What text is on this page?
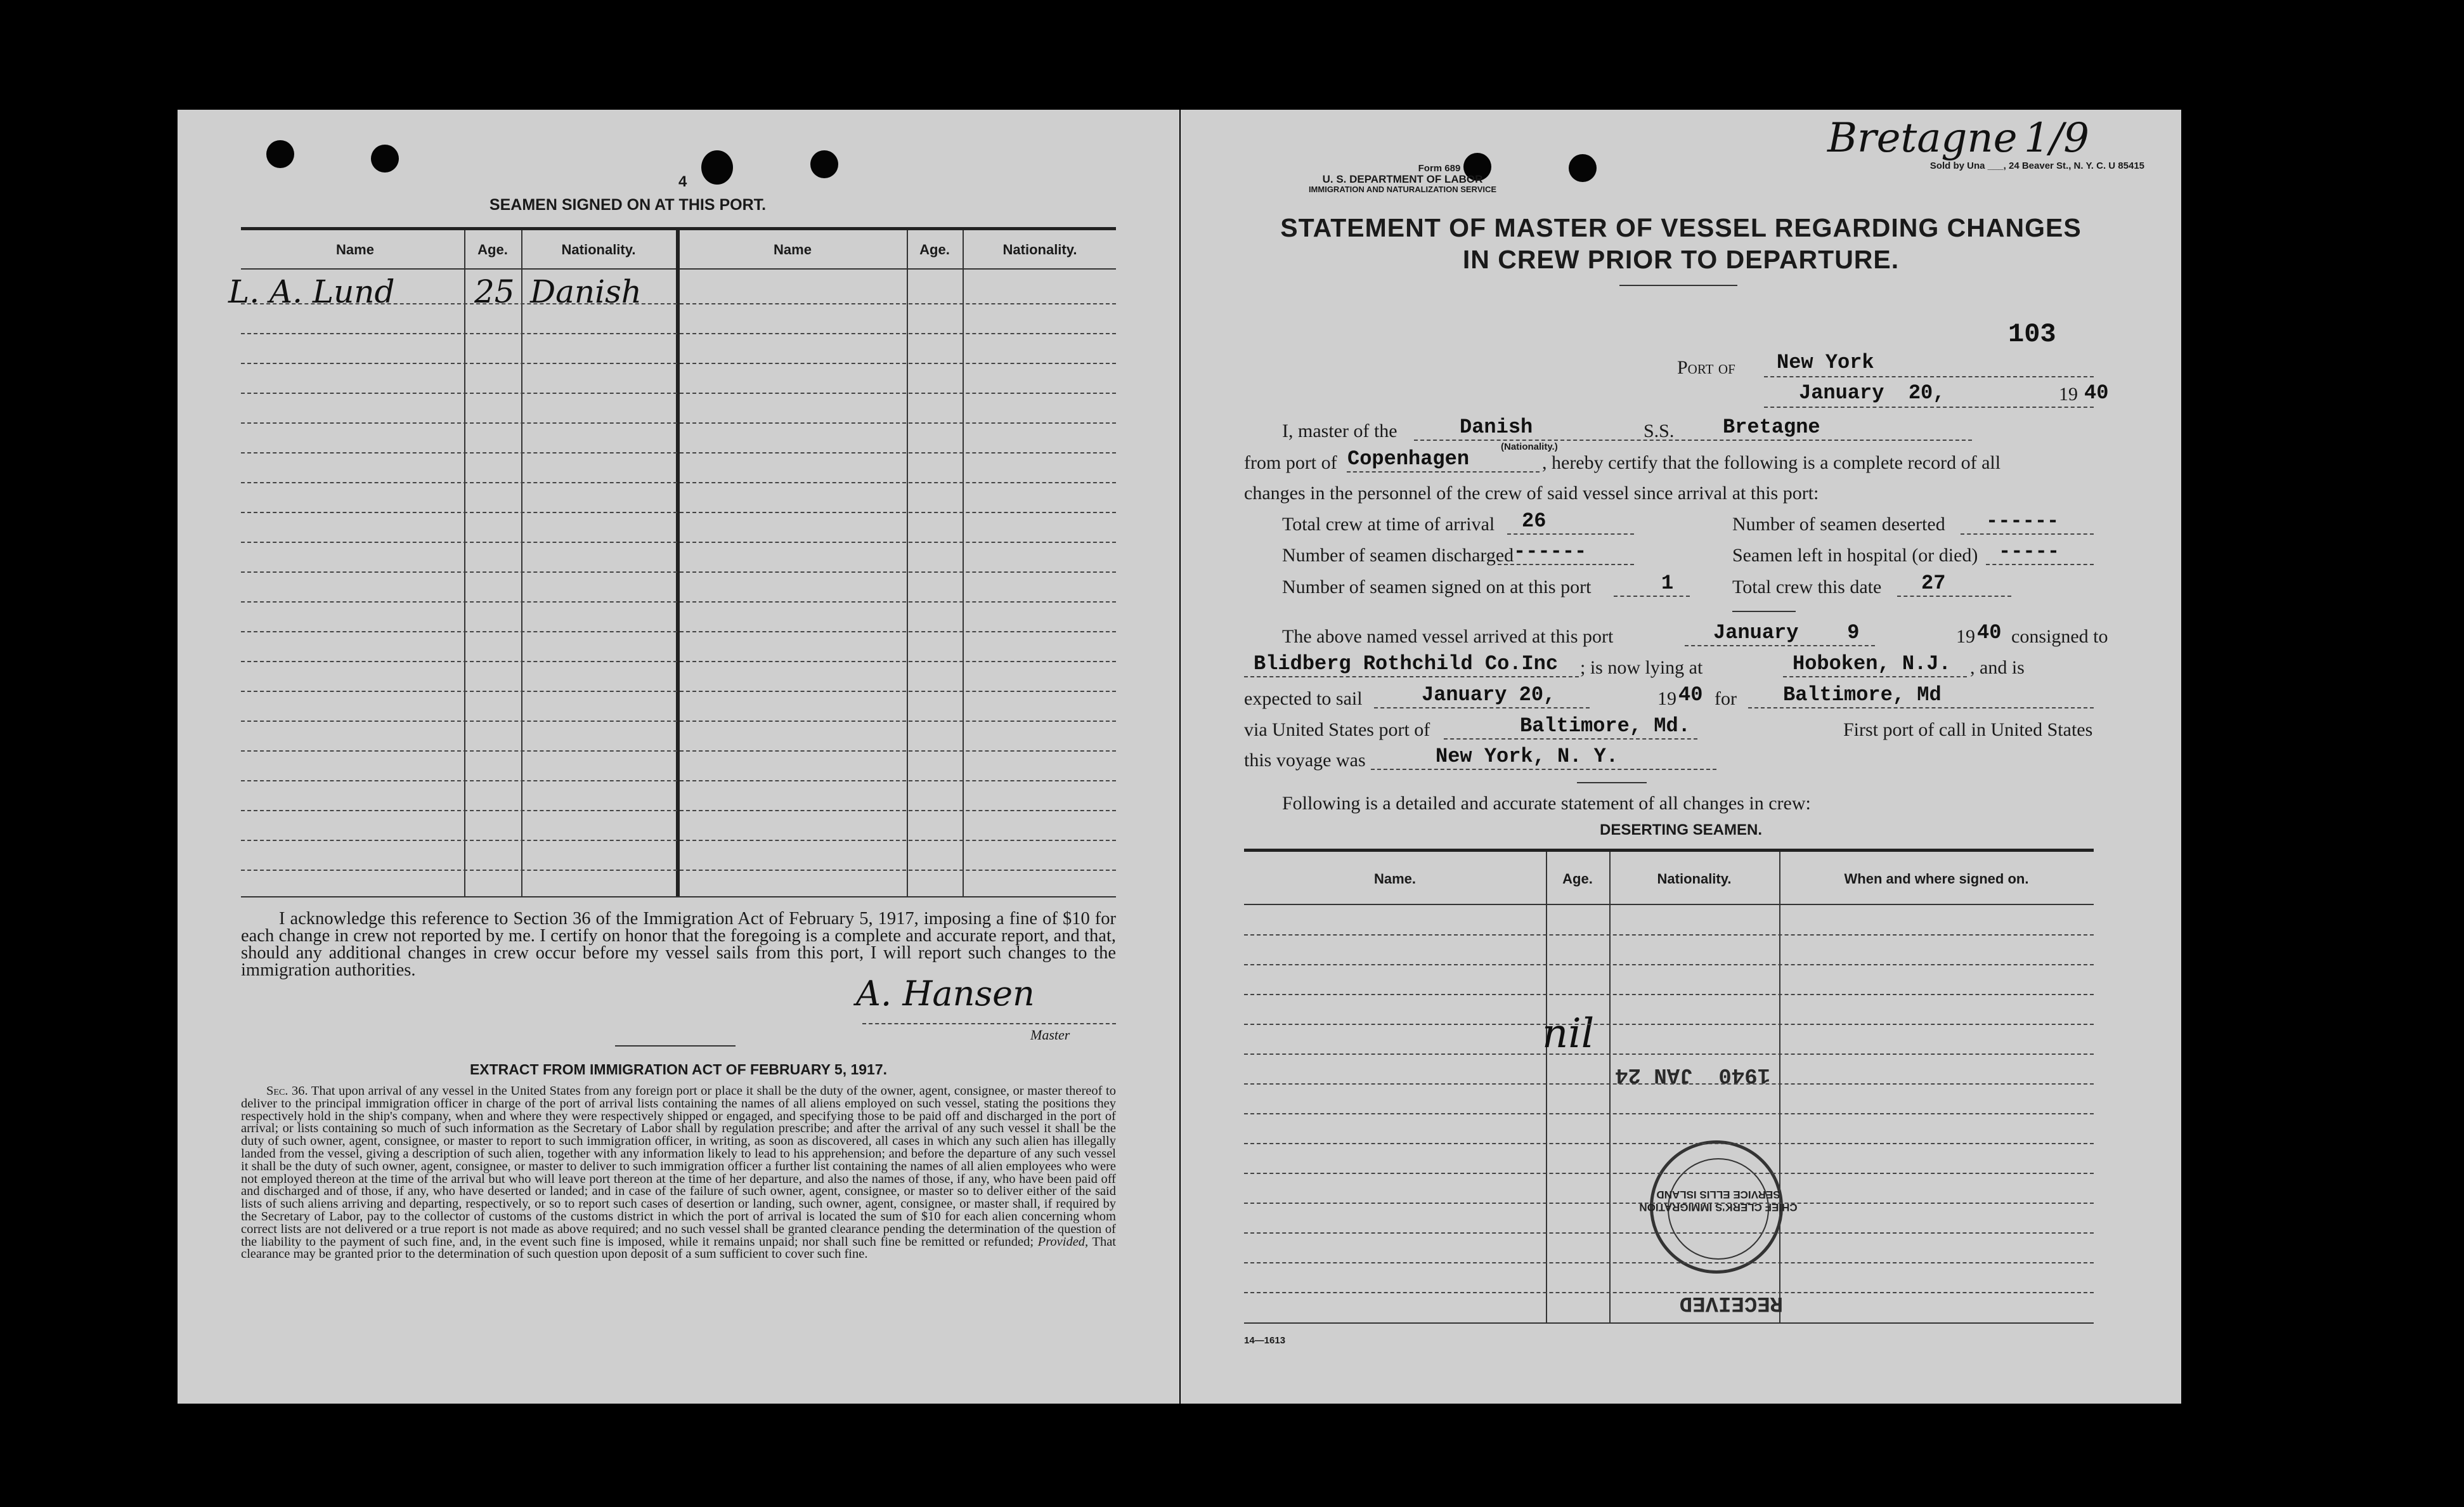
4
SEAMEN SIGNED ON AT THIS PORT.
Name	Age.	Nationality.	Name	Age.	Nationality.
L. A. Lund	25 Danish
I acknowledge this reference to Section 36 of the Immigration Act of February 5, 1917, imposing a fine of $10 for each change in crew not reported by me. I certify on honor that the foregoing is a complete and accurate report, and that, should any additional changes in crew occur before my vessel sails from this port, I will report such changes to the immigration authorities.
A. Hansen
Master
EXTRACT FROM IMMIGRATION ACT OF FEBRUARY 5, 1917.
Sec. 36. That upon arrival of any vessel in the United States from any foreign port or place it shall be the duty of the owner, agent, consignee, or master thereof to deliver to the principal immigration officer in charge of the port of arrival lists containing the names of all aliens employed on such vessel, stating the positions they respectively hold in the ship's company, when and where they were respectively shipped or engaged, and specifying those to be paid off and discharged in the port of arrival; or lists containing so much of such information as the Secretary of Labor shall by regulation prescribe; and after the arrival of any such vessel it shall be the duty of such owner, agent, consignee, or master to report to such immigration officer, in writing, as soon as discovered, all cases in which any such alien has illegally landed from the vessel, giving a description of such alien, together with any information likely to lead to his apprehension; and before the departure of any such vessel it shall be the duty of such owner, agent, consignee, or master to deliver to such immigration officer a further list containing the names of all alien employees who were not employed thereon at the time of the arrival but who will leave port thereon at the time of her departure, and also the names of those, if any, who have been paid off and discharged and of those, if any, who have deserted or landed; and in case of the failure of such owner, agent, consignee, or master so to deliver either of the said lists of such aliens arriving and departing, respectively, or so to report such cases of desertion or landing, such owner, agent, consignee, or master shall, if required by the Secretary of Labor, pay to the collector of customs of the customs district in which the port of arrival is located the sum of $10 for each alien concerning whom correct lists are not delivered or a true report is not made as above required; and no such vessel shall be granted clearance pending the determination of the question of the liability to the payment of such fine, and, in the event such fine is imposed, while it remains unpaid; nor shall such fine be remitted or refunded; Provided, That clearance may be granted prior to the determination of such question upon deposit of a sum sufficient to cover such fine.
Bretagne 1/9
Form 689
U. S. DEPARTMENT OF LABOR
IMMIGRATION AND NATURALIZATION SERVICE
Sold by Una ___, 24 Beaver St., N. Y. C. U 85415
STATEMENT OF MASTER OF VESSEL REGARDING CHANGES
IN CREW PRIOR TO DEPARTURE.
103
Port of New York
January  20,	19 40
I, master of the	Danish
(Nationality.)
S.S. Bretagne
from port of Copenhagen	, hereby certify that the following is a complete record of all
changes in the personnel of the crew of said vessel since arrival at this port:
Total crew at time of arrival 26	Number of seamen deserted ------
Number of seamen discharged ------	Seamen left in hospital (or died) -----
Number of seamen signed on at this port	1	Total crew this date 27
The above named vessel arrived at this port	January    9	19 40 consigned to
Blidberg Rothchild Co.Inc ; is now lying at	Hoboken, N.J. , and is
expected to sail	January 20,	19 40 for Baltimore, Md
via United States port of	Baltimore, Md.	First port of call in United States
this voyage was	New York, N. Y.
Following is a detailed and accurate statement of all changes in crew:
DESERTING SEAMEN.
Name.	Age.	Nationality.	When and where signed on.
nil
RECEIVED
CHIEF CLERK'S IMMIGRATION SERVICE ELLIS ISLAND
1940  JAN 24
14—1613
